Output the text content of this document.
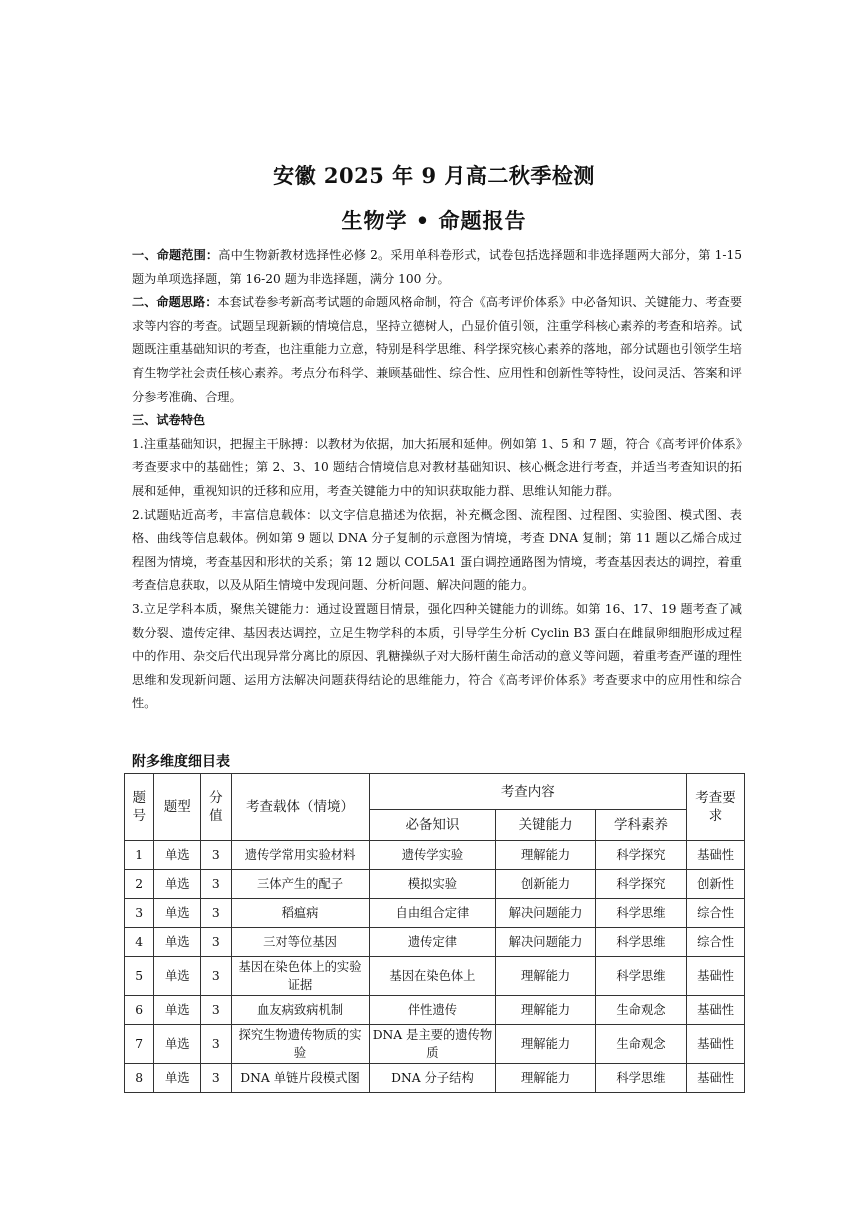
安徽 2025 年 9 月高二秋季检测
生物学 • 命题报告

一、命题范围：高中生物新教材选择性必修 2。采用单科卷形式，试卷包括选择题和非选择题两大部分，第 1-15 题为单项选择题，第 16-20 题为非选择题，满分 100 分。

二、命题思路：本套试卷参考新高考试题的命题风格命制，符合《高考评价体系》中必备知识、关键能力、考查要求等内容的考查。试题呈现新颖的情境信息，坚持立德树人，凸显价值引领，注重学科核心素养的考查和培养。试题既注重基础知识的考查，也注重能力立意，特别是科学思维、科学探究核心素养的落地，部分试题也引领学生培育生物学社会责任核心素养。考点分布科学、兼顾基础性、综合性、应用性和创新性等特性，设问灵活、答案和评分参考准确、合理。

三、试卷特色

1.注重基础知识，把握主干脉搏：以教材为依据，加大拓展和延伸。例如第 1、5 和 7 题，符合《高考评价体系》考查要求中的基础性；第 2、3、10 题结合情境信息对教材基础知识、核心概念进行考查，并适当考查知识的拓展和延伸，重视知识的迁移和应用，考查关键能力中的知识获取能力群、思维认知能力群。

2.试题贴近高考，丰富信息载体：以文字信息描述为依据，补充概念图、流程图、过程图、实验图、模式图、表格、曲线等信息载体。例如第 9 题以 DNA 分子复制的示意图为情境，考查 DNA 复制；第 11 题以乙烯合成过程图为情境，考查基因和形状的关系；第 12 题以 COL5A1 蛋白调控通路图为情境，考查基因表达的调控，着重考查信息获取，以及从陌生情境中发现问题、分析问题、解决问题的能力。

3.立足学科本质，聚焦关键能力：通过设置题目情景，强化四种关键能力的训练。如第 16、17、19 题考查了减数分裂、遗传定律、基因表达调控，立足生物学科的本质，引导学生分析 Cyclin B3 蛋白在雌鼠卵细胞形成过程中的作用、杂交后代出现异常分离比的原因、乳糖操纵子对大肠杆菌生命活动的意义等问题，着重考查严谨的理性思维和发现新问题、运用方法解决问题获得结论的思维能力，符合《高考评价体系》考查要求中的应用性和综合性。

附多维度细目表
题号	题型	分值	考查载体（情境）	考查内容			考查要求
				必备知识	关键能力	学科素养	
1	单选	3	遗传学常用实验材料	遗传学实验	理解能力	科学探究	基础性
2	单选	3	三体产生的配子	模拟实验	创新能力	科学探究	创新性
3	单选	3	稻瘟病	自由组合定律	解决问题能力	科学思维	综合性
4	单选	3	三对等位基因	遗传定律	解决问题能力	科学思维	综合性
5	单选	3	基因在染色体上的实验证据	基因在染色体上	理解能力	科学思维	基础性
6	单选	3	血友病致病机制	伴性遗传	理解能力	生命观念	基础性
7	单选	3	探究生物遗传物质的实验	DNA 是主要的遗传物质	理解能力	生命观念	基础性
8	单选	3	DNA 单链片段模式图	DNA 分子结构	理解能力	科学思维	基础性
